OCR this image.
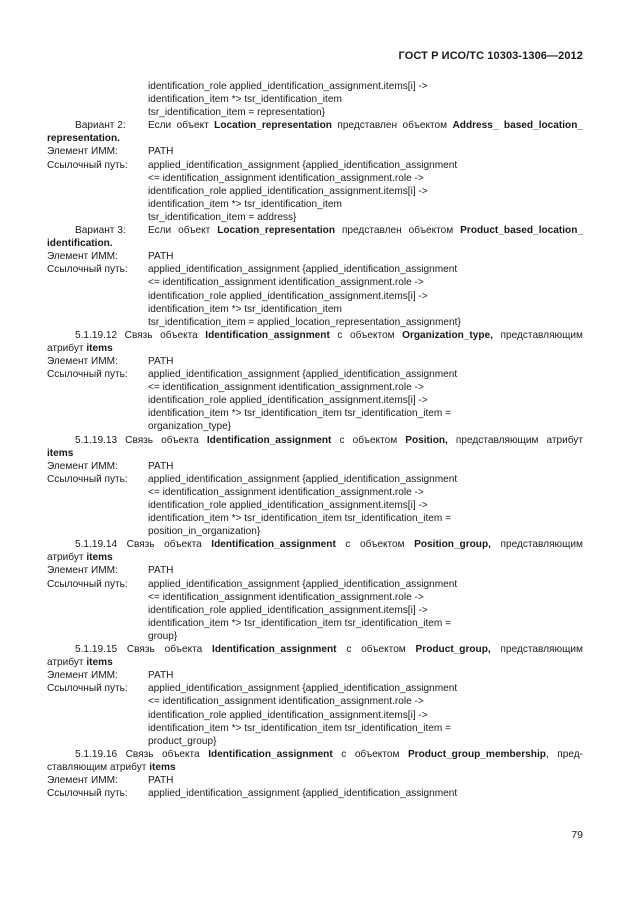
ГОСТ Р ИСО/ТС 10303-1306—2012
identification_role applied_identification_assignment.items[i] ->
identification_item *> tsr_identification_item
tsr_identification_item = representation}
Вариант 2:	Если объект Location_representation представлен объектом Address_ based_location_
representation.
Элемент ИММ:	PATH
Ссылочный путь:	applied_identification_assignment {applied_identification_assignment
<= identification_assignment identification_assignment.role ->
identification_role applied_identification_assignment.items[i] ->
identification_item *> tsr_identification_item
tsr_identification_item = address}
Вариант 3:	Если объект Location_representation представлен объектом Product_based_location_
identification.
Элемент ИММ:	PATH
Ссылочный путь:	applied_identification_assignment {applied_identification_assignment
<= identification_assignment identification_assignment.role ->
identification_role applied_identification_assignment.items[i] ->
identification_item *> tsr_identification_item
tsr_identification_item = applied_location_representation_assignment}
5.1.19.12 Связь объекта Identification_assignment с объектом Organization_type, представляющим
атрибут items
Элемент ИММ:	PATH
Ссылочный путь:	applied_identification_assignment {applied_identification_assignment
<= identification_assignment identification_assignment.role ->
identification_role applied_identification_assignment.items[i] ->
identification_item *> tsr_identification_item tsr_identification_item =
organization_type}
5.1.19.13 Связь объекта Identification_assignment с объектом Position, представляющим атрибут
items
Элемент ИММ:	PATH
Ссылочный путь:	applied_identification_assignment {applied_identification_assignment
<= identification_assignment identification_assignment.role ->
identification_role applied_identification_assignment.items[i] ->
identification_item *> tsr_identification_item tsr_identification_item =
position_in_organization}
5.1.19.14 Связь объекта Identification_assignment с объектом Position_group, представляющим
атрибут items
Элемент ИММ:	PATH
Ссылочный путь:	applied_identification_assignment {applied_identification_assignment
<= identification_assignment identification_assignment.role ->
identification_role applied_identification_assignment.items[i] ->
identification_item *> tsr_identification_item tsr_identification_item =
group}
5.1.19.15 Связь объекта Identification_assignment с объектом Product_group, представляющим
атрибут items
Элемент ИММ:	PATH
Ссылочный путь:	applied_identification_assignment {applied_identification_assignment
<= identification_assignment identification_assignment.role ->
identification_role applied_identification_assignment.items[i] ->
identification_item *> tsr_identification_item tsr_identification_item =
product_group}
5.1.19.16 Связь объекта Identification_assignment с объектом Product_group_membership, пред-
ставляющим атрибут items
Элемент ИММ:	PATH
Ссылочный путь:	applied_identification_assignment {applied_identification_assignment
79
